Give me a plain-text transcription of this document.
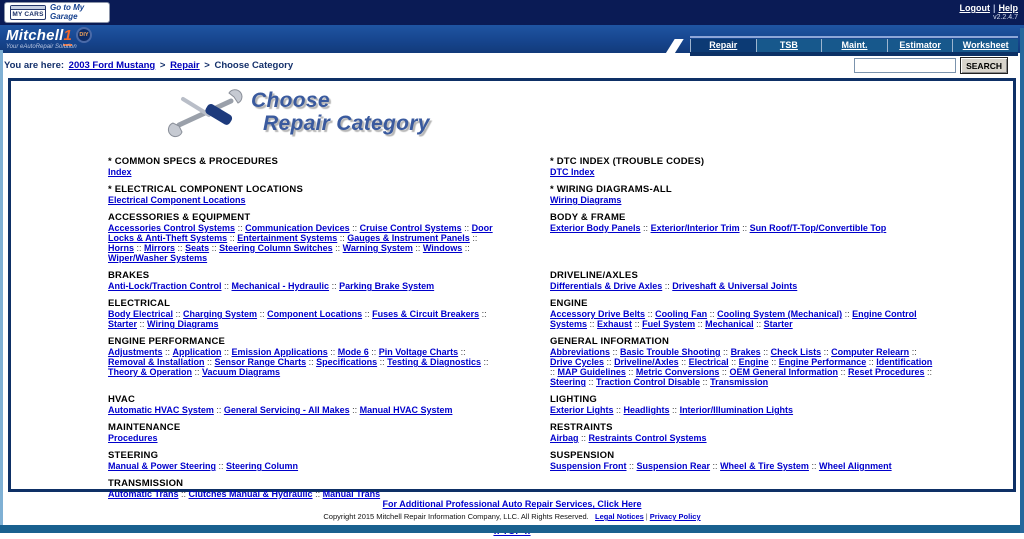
MY CARS
Go to My Garage
Logout | Help
v2.2.4.7
Mitchell1	DIY
Your eAutoRepair Solution	Repair	TSB	Maint.	Estimator	Worksheet
You are here: 2003 Ford Mustang > Repair > Choose Category	SEARCH
Choose
Repair Category
* COMMON SPECS & PROCEDURES
Index

* DTC INDEX (TROUBLE CODES)
DTC Index

* ELECTRICAL COMPONENT LOCATIONS
Electrical Component Locations

* WIRING DIAGRAMS-ALL
Wiring Diagrams

ACCESSORIES & EQUIPMENT
Accessories Control Systems :: Communication Devices :: Cruise Control Systems :: Door Locks & Anti-Theft Systems :: Entertainment Systems :: Gauges & Instrument Panels :: Horns :: Mirrors :: Seats :: Steering Column Switches :: Warning System :: Windows :: Wiper/Washer Systems

BODY & FRAME
Exterior Body Panels :: Exterior/Interior Trim :: Sun Roof/T-Top/Convertible Top

BRAKES
Anti-Lock/Traction Control :: Mechanical - Hydraulic :: Parking Brake System

DRIVELINE/AXLES
Differentials & Drive Axles :: Driveshaft & Universal Joints

ELECTRICAL
Body Electrical :: Charging System :: Component Locations :: Fuses & Circuit Breakers :: Starter :: Wiring Diagrams

ENGINE
Accessory Drive Belts :: Cooling Fan :: Cooling System (Mechanical) :: Engine Control Systems :: Exhaust :: Fuel System :: Mechanical :: Starter

ENGINE PERFORMANCE
Adjustments :: Application :: Emission Applications :: Mode 6 :: Pin Voltage Charts :: Removal & Installation :: Sensor Range Charts :: Specifications :: Testing & Diagnostics :: Theory & Operation :: Vacuum Diagrams

GENERAL INFORMATION
Abbreviations :: Basic Trouble Shooting :: Brakes :: Check Lists :: Computer Relearn :: Drive Cycles :: Driveline/Axles :: Electrical :: Engine :: Engine Performance :: Identification :: MAP Guidelines :: Metric Conversions :: OEM General Information :: Reset Procedures :: Steering :: Traction Control Disable :: Transmission

HVAC
Automatic HVAC System :: General Servicing - All Makes :: Manual HVAC System

LIGHTING
Exterior Lights :: Headlights :: Interior/Illumination Lights

MAINTENANCE
Procedures

RESTRAINTS
Airbag :: Restraints Control Systems

STEERING
Manual & Power Steering :: Steering Column

SUSPENSION
Suspension Front :: Suspension Rear :: Wheel & Tire System :: Wheel Alignment

TRANSMISSION
Automatic Trans :: Clutches Manual & Hydraulic :: Manual Trans	

For Additional Professional Auto Repair Services, Click Here
Copyright 2015 Mitchell Repair Information Company, LLC. All Rights Reserved. Legal Notices | Privacy Policy
